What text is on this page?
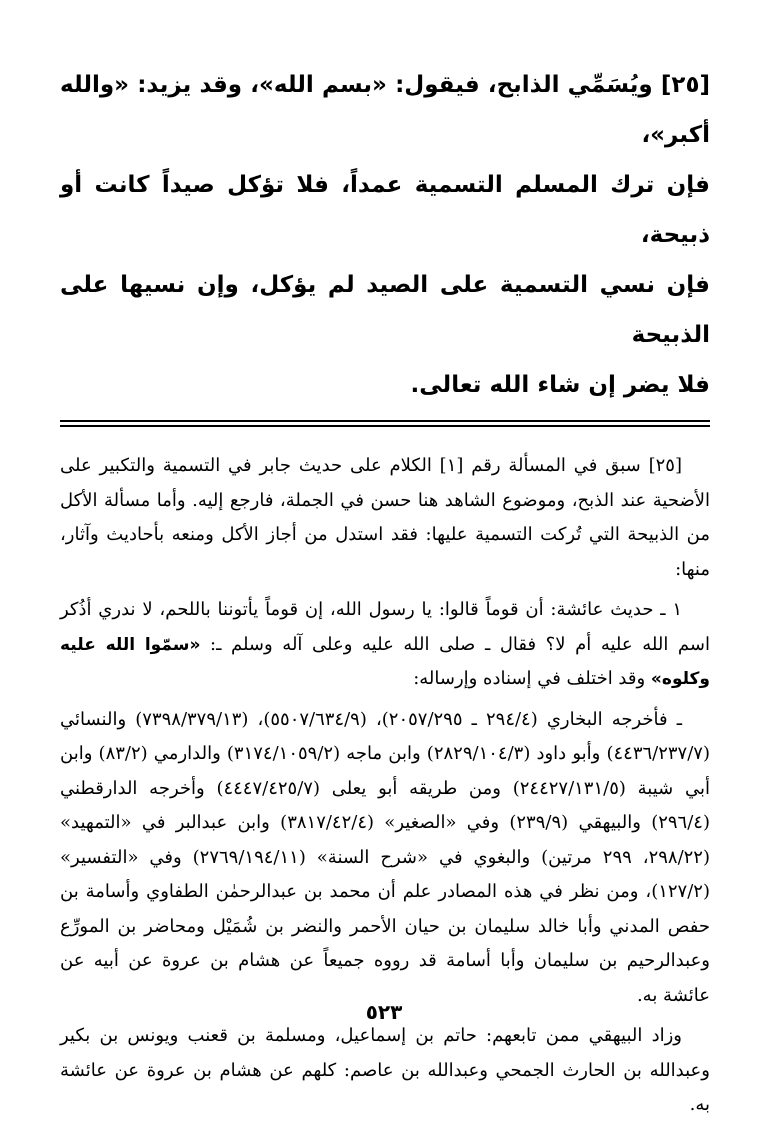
[٢٥] ويُسَمِّي الذابح، فيقول: «بسم الله»، وقد يزيد: «والله أكبر»،

فإن ترك المسلم التسمية عمداً، فلا تؤكل صيداً كانت أو ذبيحة،

فإن نسي التسمية على الصيد لم يؤكل، وإن نسيها على الذبيحة

فلا يضر إن شاء الله تعالى.

[٢٥] سبق في المسألة رقم [١] الكلام على حديث جابر في التسمية والتكبير على الأضحية عند الذبح، وموضوع الشاهد هنا حسن في الجملة، فارجع إليه. وأما مسألة الأكل من الذبيحة التي تُركت التسمية عليها: فقد استدل من أجاز الأكل ومنعه بأحاديث وآثار، منها:

١ ـ حديث عائشة: أن قوماً قالوا: يا رسول الله، إن قوماً يأتوننا باللحم، لا ندري أذُكر اسم الله عليه أم لا؟ فقال ـ صلى الله عليه وعلى آله وسلم ـ: «سمّوا الله عليه وكلوه» وقد اختلف في إسناده وإرساله:

ـ فأخرجه البخاري (٢٩٤/٤ ـ ٢٠٥٧/٢٩٥)، (٥٥٠٧/٦٣٤/٩)، (٧٣٩٨/٣٧٩/١٣) والنسائي (٤٤٣٦/٢٣٧/٧) وأبو داود (٢٨٢٩/١٠٤/٣) وابن ماجه (٣١٧٤/١٠٥٩/٢) والدارمي (٨٣/٢) وابن أبي شيبة (٢٤٤٢٧/١٣١/٥) ومن طريقه أبو يعلى (٤٤٤٧/٤٢٥/٧) وأخرجه الدارقطني (٢٩٦/٤) والبيهقي (٢٣٩/٩) وفي «الصغير» (٣٨١٧/٤٢/٤) وابن عبدالبر في «التمهيد» (٢٩٨/٢٢، ٢٩٩ مرتين) والبغوي في «شرح السنة» (٢٧٦٩/١٩٤/١١) وفي «التفسير» (١٢٧/٢)، ومن نظر في هذه المصادر علم أن محمد بن عبدالرحمٰن الطفاوي وأسامة بن حفص المدني وأبا خالد سليمان بن حيان الأحمر والنضر بن شُمَيْل ومحاضر بن المورِّع وعبدالرحيم بن سليمان وأبا أسامة قد رووه جميعاً عن هشام بن عروة عن أبيه عن عائشة به.

وزاد البيهقي ممن تابعهم: حاتم بن إسماعيل، ومسلمة بن قعنب ويونس بن بكير وعبدالله بن الحارث الجمحي وعبدالله بن عاصم: كلهم عن هشام بن عروة عن عائشة به.

٥٢٣
